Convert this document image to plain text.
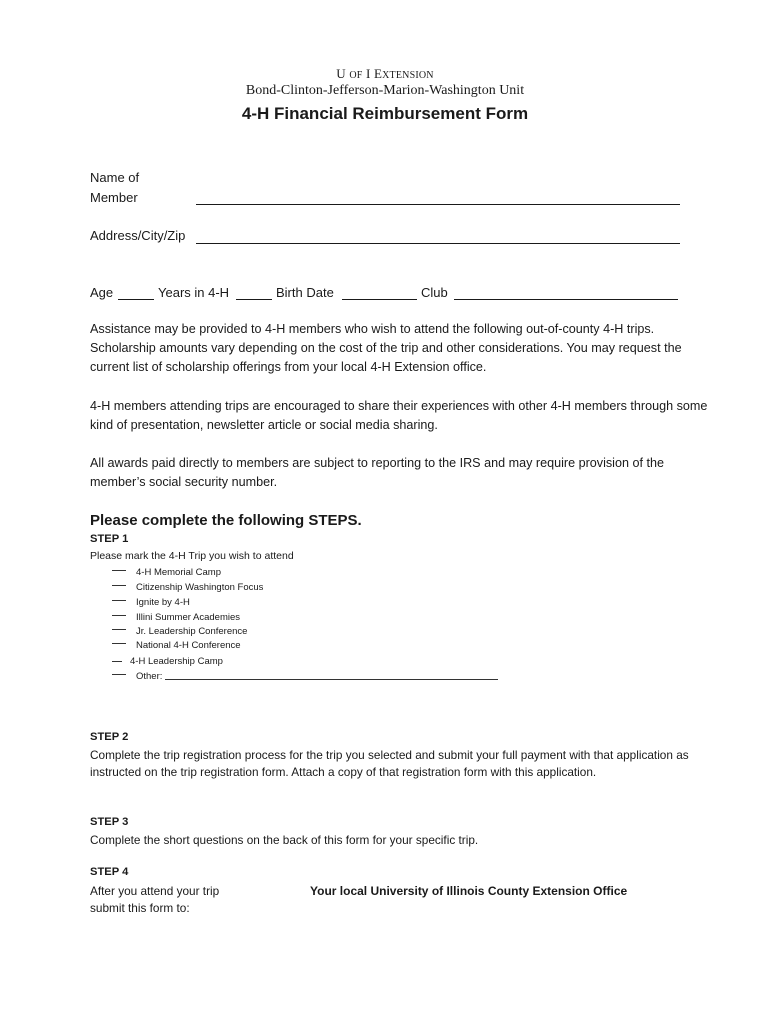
U OF I EXTENSION
Bond-Clinton-Jefferson-Marion-Washington Unit
4-H Financial Reimbursement Form
Name of
Member
Address/City/Zip
Age	Years in 4-H	Birth Date	Club
Assistance may be provided to 4-H members who wish to attend the following out-of-county 4-H trips. Scholarship amounts vary depending on the cost of the trip and other considerations. You may request the current list of scholarship offerings from your local 4-H Extension office.
4-H members attending trips are encouraged to share their experiences with other 4-H members through some kind of presentation, newsletter article or social media sharing.
All awards paid directly to members are subject to reporting to the IRS and may require provision of the member’s social security number.
Please complete the following STEPS.
STEP 1
Please mark the 4-H Trip you wish to attend
4-H Memorial Camp
Citizenship Washington Focus
Ignite by 4-H
Illini Summer Academies
Jr. Leadership Conference
National 4-H Conference
4-H Leadership Camp
Other:
STEP 2
Complete the trip registration process for the trip you selected and submit your full payment with that application as instructed on the trip registration form. Attach a copy of that registration form with this application.
STEP 3
Complete the short questions on the back of this form for your specific trip.
STEP 4
After you attend your trip
submit this form to:
Your local University of Illinois County Extension Office
